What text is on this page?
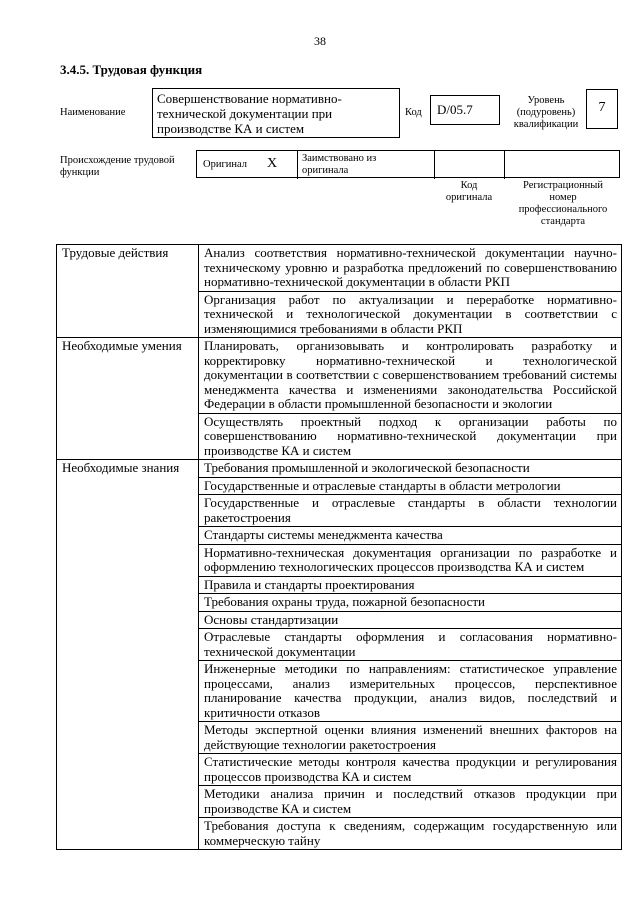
38
3.4.5. Трудовая функция
Наименование
Совершенствование нормативно-технической документации при производстве КА и систем
Код	D/05.7
Уровень
(подуровень)
квалификации
7
Происхождение трудовой
функции
Оригинал X Заимствовано из
оригинала
Код
оригинала
Регистрационный
номер
профессионального
стандарта
Трудовые действия	Анализ соответствия нормативно-технической документации научно-техническому уровню и разработка предложений по совершенствованию нормативно-технической документации в области РКП
	Организация работ по актуализации и переработке нормативно-технической и технологической документации в соответствии с изменяющимися требованиями в области РКП
Необходимые умения	Планировать, организовывать и контролировать разработку и корректировку нормативно-технической и технологической документации в соответствии с совершенствованием требований системы менеджмента качества и изменениями законодательства Российской Федерации в области промышленной безопасности и экологии
	Осуществлять проектный подход к организации работы по совершенствованию нормативно-технической документации при производстве КА и систем
Необходимые знания	Требования промышленной и экологической безопасности
	Государственные и отраслевые стандарты в области метрологии
	Государственные и отраслевые стандарты в области технологии ракетостроения
	Стандарты системы менеджмента качества
	Нормативно-техническая документация организации по разработке и оформлению технологических процессов производства КА и систем
	Правила и стандарты проектирования
	Требования охраны труда, пожарной безопасности
	Основы стандартизации
	Отраслевые стандарты оформления и согласования нормативно-технической документации
	Инженерные методики по направлениям: статистическое управление процессами, анализ измерительных процессов, перспективное планирование качества продукции, анализ видов, последствий и критичности отказов
	Методы экспертной оценки влияния изменений внешних факторов на действующие технологии ракетостроения
	Статистические методы контроля качества продукции и регулирования процессов производства КА и систем
	Методики анализа причин и последствий отказов продукции при производстве КА и систем
	Требования доступа к сведениям, содержащим государственную или коммерческую тайну
